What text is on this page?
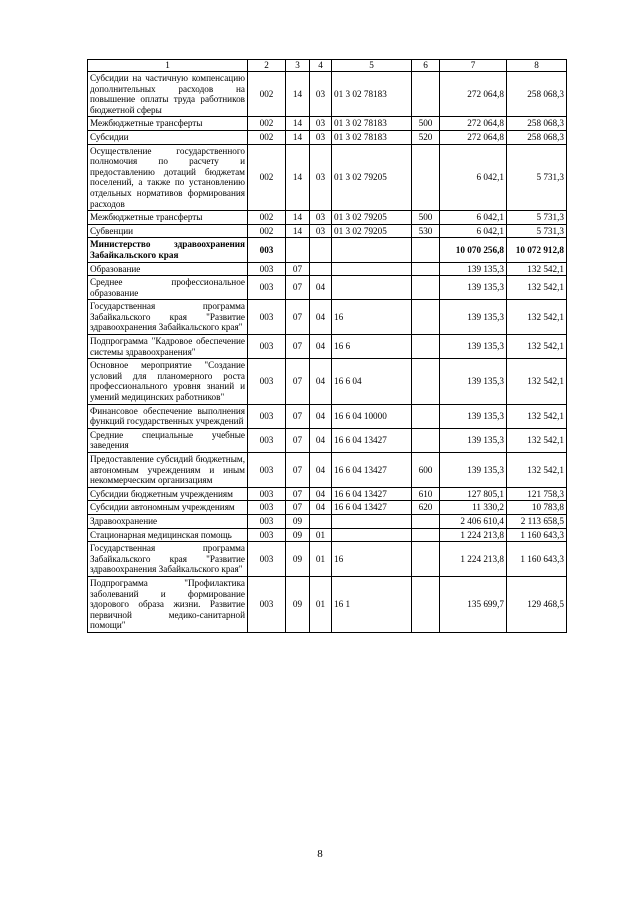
1	2	3	4	5	6	7	8
Субсидии на частичную компенсацию дополнительных расходов на повышение оплаты труда работников бюджетной сферы	002	14	03	01 3 02 78183		272 064,8	258 068,3
Межбюджетные трансферты	002	14	03	01 3 02 78183	500	272 064,8	258 068,3
Субсидии	002	14	03	01 3 02 78183	520	272 064,8	258 068,3
Осуществление государственного полномочия по расчету и предоставлению дотаций бюджетам поселений, а также по установлению отдельных нормативов формирования расходов	002	14	03	01 3 02 79205		6 042,1	5 731,3
Межбюджетные трансферты	002	14	03	01 3 02 79205	500	6 042,1	5 731,3
Субвенции	002	14	03	01 3 02 79205	530	6 042,1	5 731,3
Министерство здравоохранения Забайкальского края	003					10 070 256,8	10 072 912,8
Образование	003	07				139 135,3	132 542,1
Среднее профессиональное образование	003	07	04			139 135,3	132 542,1
Государственная программа Забайкальского края "Развитие здравоохранения Забайкальского края"	003	07	04	16		139 135,3	132 542,1
Подпрограмма "Кадровое обеспечение системы здравоохранения"	003	07	04	16 6		139 135,3	132 542,1
Основное мероприятие "Создание условий для планомерного роста профессионального уровня знаний и умений медицинских работников"	003	07	04	16 6 04		139 135,3	132 542,1
Финансовое обеспечение выполнения функций государственных учреждений	003	07	04	16 6 04 10000		139 135,3	132 542,1
Средние специальные учебные заведения	003	07	04	16 6 04 13427		139 135,3	132 542,1
Предоставление субсидий бюджетным, автономным учреждениям и иным некоммерческим организациям	003	07	04	16 6 04 13427	600	139 135,3	132 542,1
Субсидии бюджетным учреждениям	003	07	04	16 6 04 13427	610	127 805,1	121 758,3
Субсидии автономным учреждениям	003	07	04	16 6 04 13427	620	11 330,2	10 783,8
Здравоохранение	003	09				2 406 610,4	2 113 658,5
Стационарная медицинская помощь	003	09	01			1 224 213,8	1 160 643,3
Государственная программа Забайкальского края "Развитие здравоохранения Забайкальского края"	003	09	01	16		1 224 213,8	1 160 643,3
Подпрограмма "Профилактика заболеваний и формирование здорового образа жизни. Развитие первичной медико-санитарной помощи"	003	09	01	16 1		135 699,7	129 468,5
8
